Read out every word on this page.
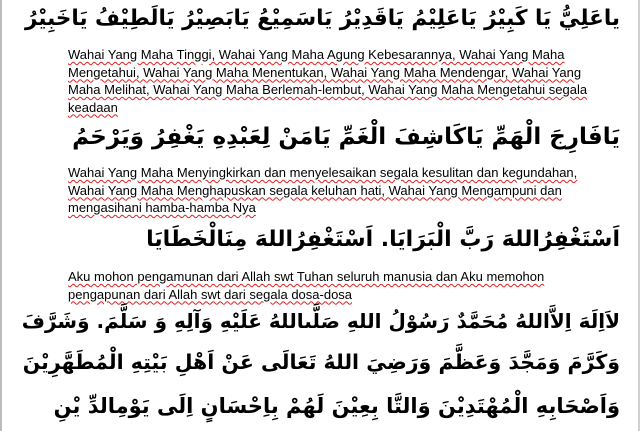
ياعَلِيُّ يَا كَبِيْرُ يَاعَلِيْمُ يَاقَدِيْرُ يَاسَمِيْعُ يَابَصِيْرُ يَالَطِيْفُ يَاخَبِيْرُ
Wahai Yang Maha Tinggi, Wahai Yang Maha Agung Kebesarannya, Wahai Yang Maha Mengetahui, Wahai Yang Maha Menentukan, Wahai Yang Maha Mendengar, Wahai Yang Maha Melihat, Wahai Yang Maha Berlemah-lembut, Wahai Yang Maha Mengetahui segala keadaan
يَافَارِجَ الْهَمِّ يَاكَاشِفَ الْغَمِّ يَامَنْ لِعَبْدِهِ يَغْفِرُ وَيَرْحَمُ
Wahai Yang Maha Menyingkirkan dan menyelesaikan segala kesulitan dan kegundahan, Wahai Yang Maha Menghapuskan segala keluhan hati, Wahai Yang Mengampuni dan mengasihani hamba-hamba Nya
اَسْتَغْفِرُاللهَ رَبَّ الْبَرَايَا. اَسْتَغْفِرُاللهَ مِنَالْخَطَايَا
Aku mohon pengamunan dari Allah swt Tuhan seluruh manusia dan Aku memohon pengapunan dari Allah swt dari segala dosa-dosa
لاَاِلَهَ اِلاَّاللهُ مُحَمَّدٌ رَسُوْلُ اللهِ صَلَّىاللهُ عَلَيْهِ وَآلِهِ وَ سَلَّمَ. وَشَرَّفَ
وَكَرَّمَ وَمَجَّدَ وَعَظَّمَ وَرَضِيَ اللهُ تَعَالَى عَنْ اَهْلِ بَيْتِهِ الْمُطَهَّرِيْنَ
وَاَصْحَابِهِ الْمُهْتَدِيْنَ وَالتَّا بِعِيْنَ لَهُمْ بِاِحْسَانٍ اِلَى يَوْمِالدِّ يْنِ
